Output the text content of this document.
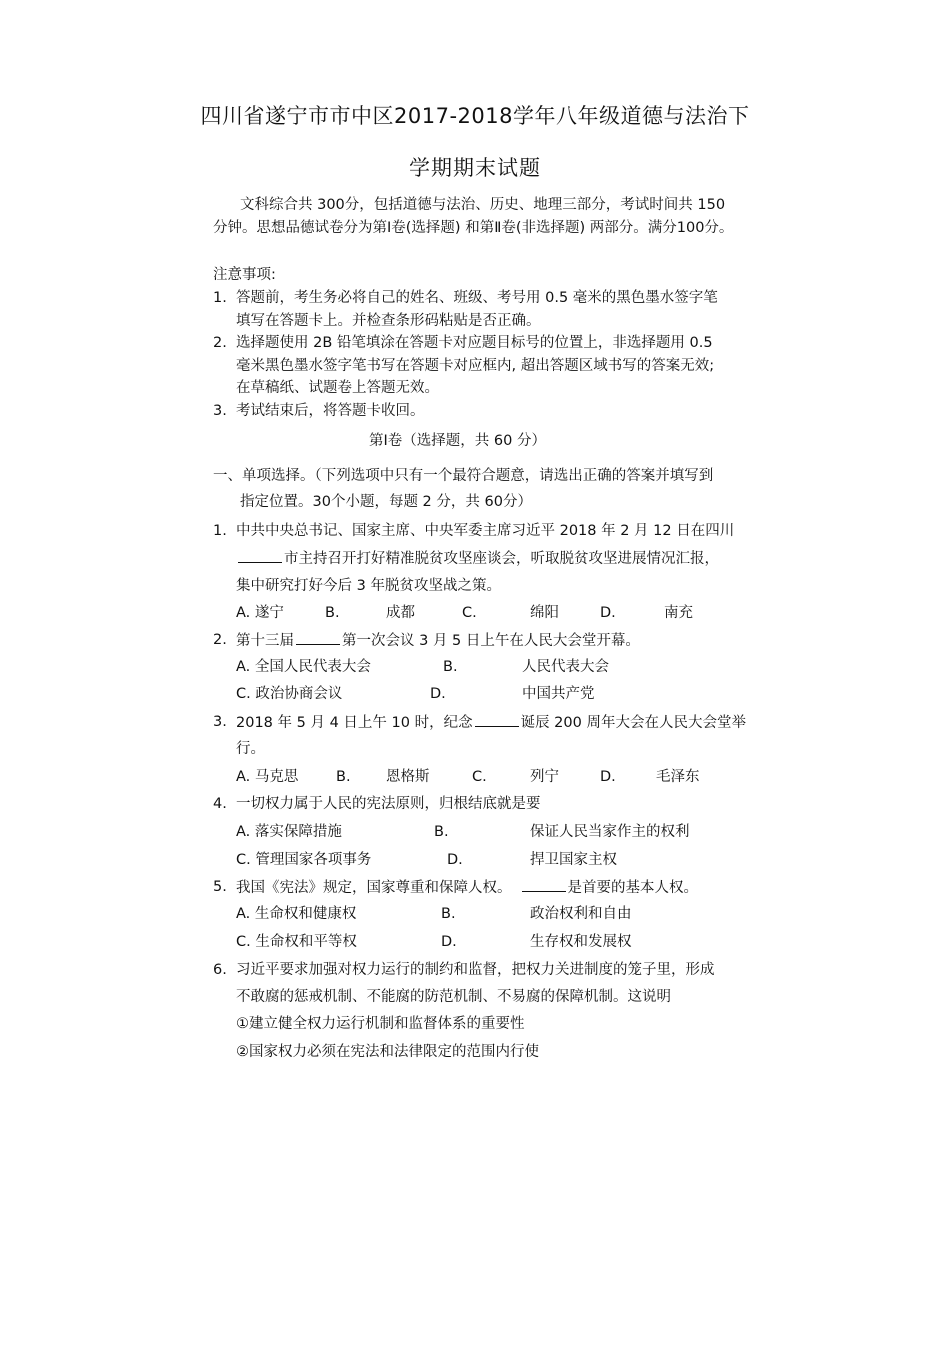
四川省遂宁市市中区2017-2018学年八年级道德与法治下
学期期末试题
文科综合共 300分，包括道德与法治、历史、地理三部分，考试时间共 150
分钟。思想品德试卷分为第Ⅰ卷(选择题) 和第Ⅱ卷(非选择题) 两部分。满分100分。
注意事项:
1. 答题前，考生务必将自己的姓名、班级、考号用 0.5 毫米的黑色墨水签字笔
填写在答题卡上。并检查条形码粘贴是否正确。
2. 选择题使用 2B 铅笔填涂在答题卡对应题目标号的位置上，非选择题用 0.5
毫米黑色墨水签字笔书写在答题卡对应框内, 超出答题区域书写的答案无效;
在草稿纸、试题卷上答题无效。
3. 考试结束后，将答题卡收回。
第Ⅰ卷（选择题，共 60 分）
一、单项选择。（下列选项中只有一个最符合题意，请选出正确的答案并填写到
指定位置。30个小题，每题 2 分，共 60分）
1. 中共中央总书记、国家主席、中央军委主席习近平 2018 年 2 月 12 日在四川
市主持召开打好精准脱贫攻坚座谈会，听取脱贫攻坚进展情况汇报，
集中研究打好今后 3 年脱贫攻坚战之策。
A. 遂宁	B.	成都	C.	绵阳	D.	南充
2. 第十三届	第一次会议 3 月 5 日上午在人民大会堂开幕。
A. 全国人民代表大会	B.	人民代表大会
C. 政治协商会议	D.	中国共产党
3. 2018 年 5 月 4 日上午 10 时，纪念	诞辰 200 周年大会在人民大会堂举
行。
A. 马克思	B. 恩格斯	C.	列宁	D.	毛泽东
4. 一切权力属于人民的宪法原则，归根结底就是要
A. 落实保障措施	B.	保证人民当家作主的权利
C. 管理国家各项事务	D.	捍卫国家主权
5. 我国《宪法》规定，国家尊重和保障人权。	是首要的基本人权。
A. 生命权和健康权	B.	政治权利和自由
C. 生命权和平等权	D.	生存权和发展权
6. 习近平要求加强对权力运行的制约和监督，把权力关进制度的笼子里，形成
不敢腐的惩戒机制、不能腐的防范机制、不易腐的保障机制。这说明
①建立健全权力运行机制和监督体系的重要性
②国家权力必须在宪法和法律限定的范围内行使
